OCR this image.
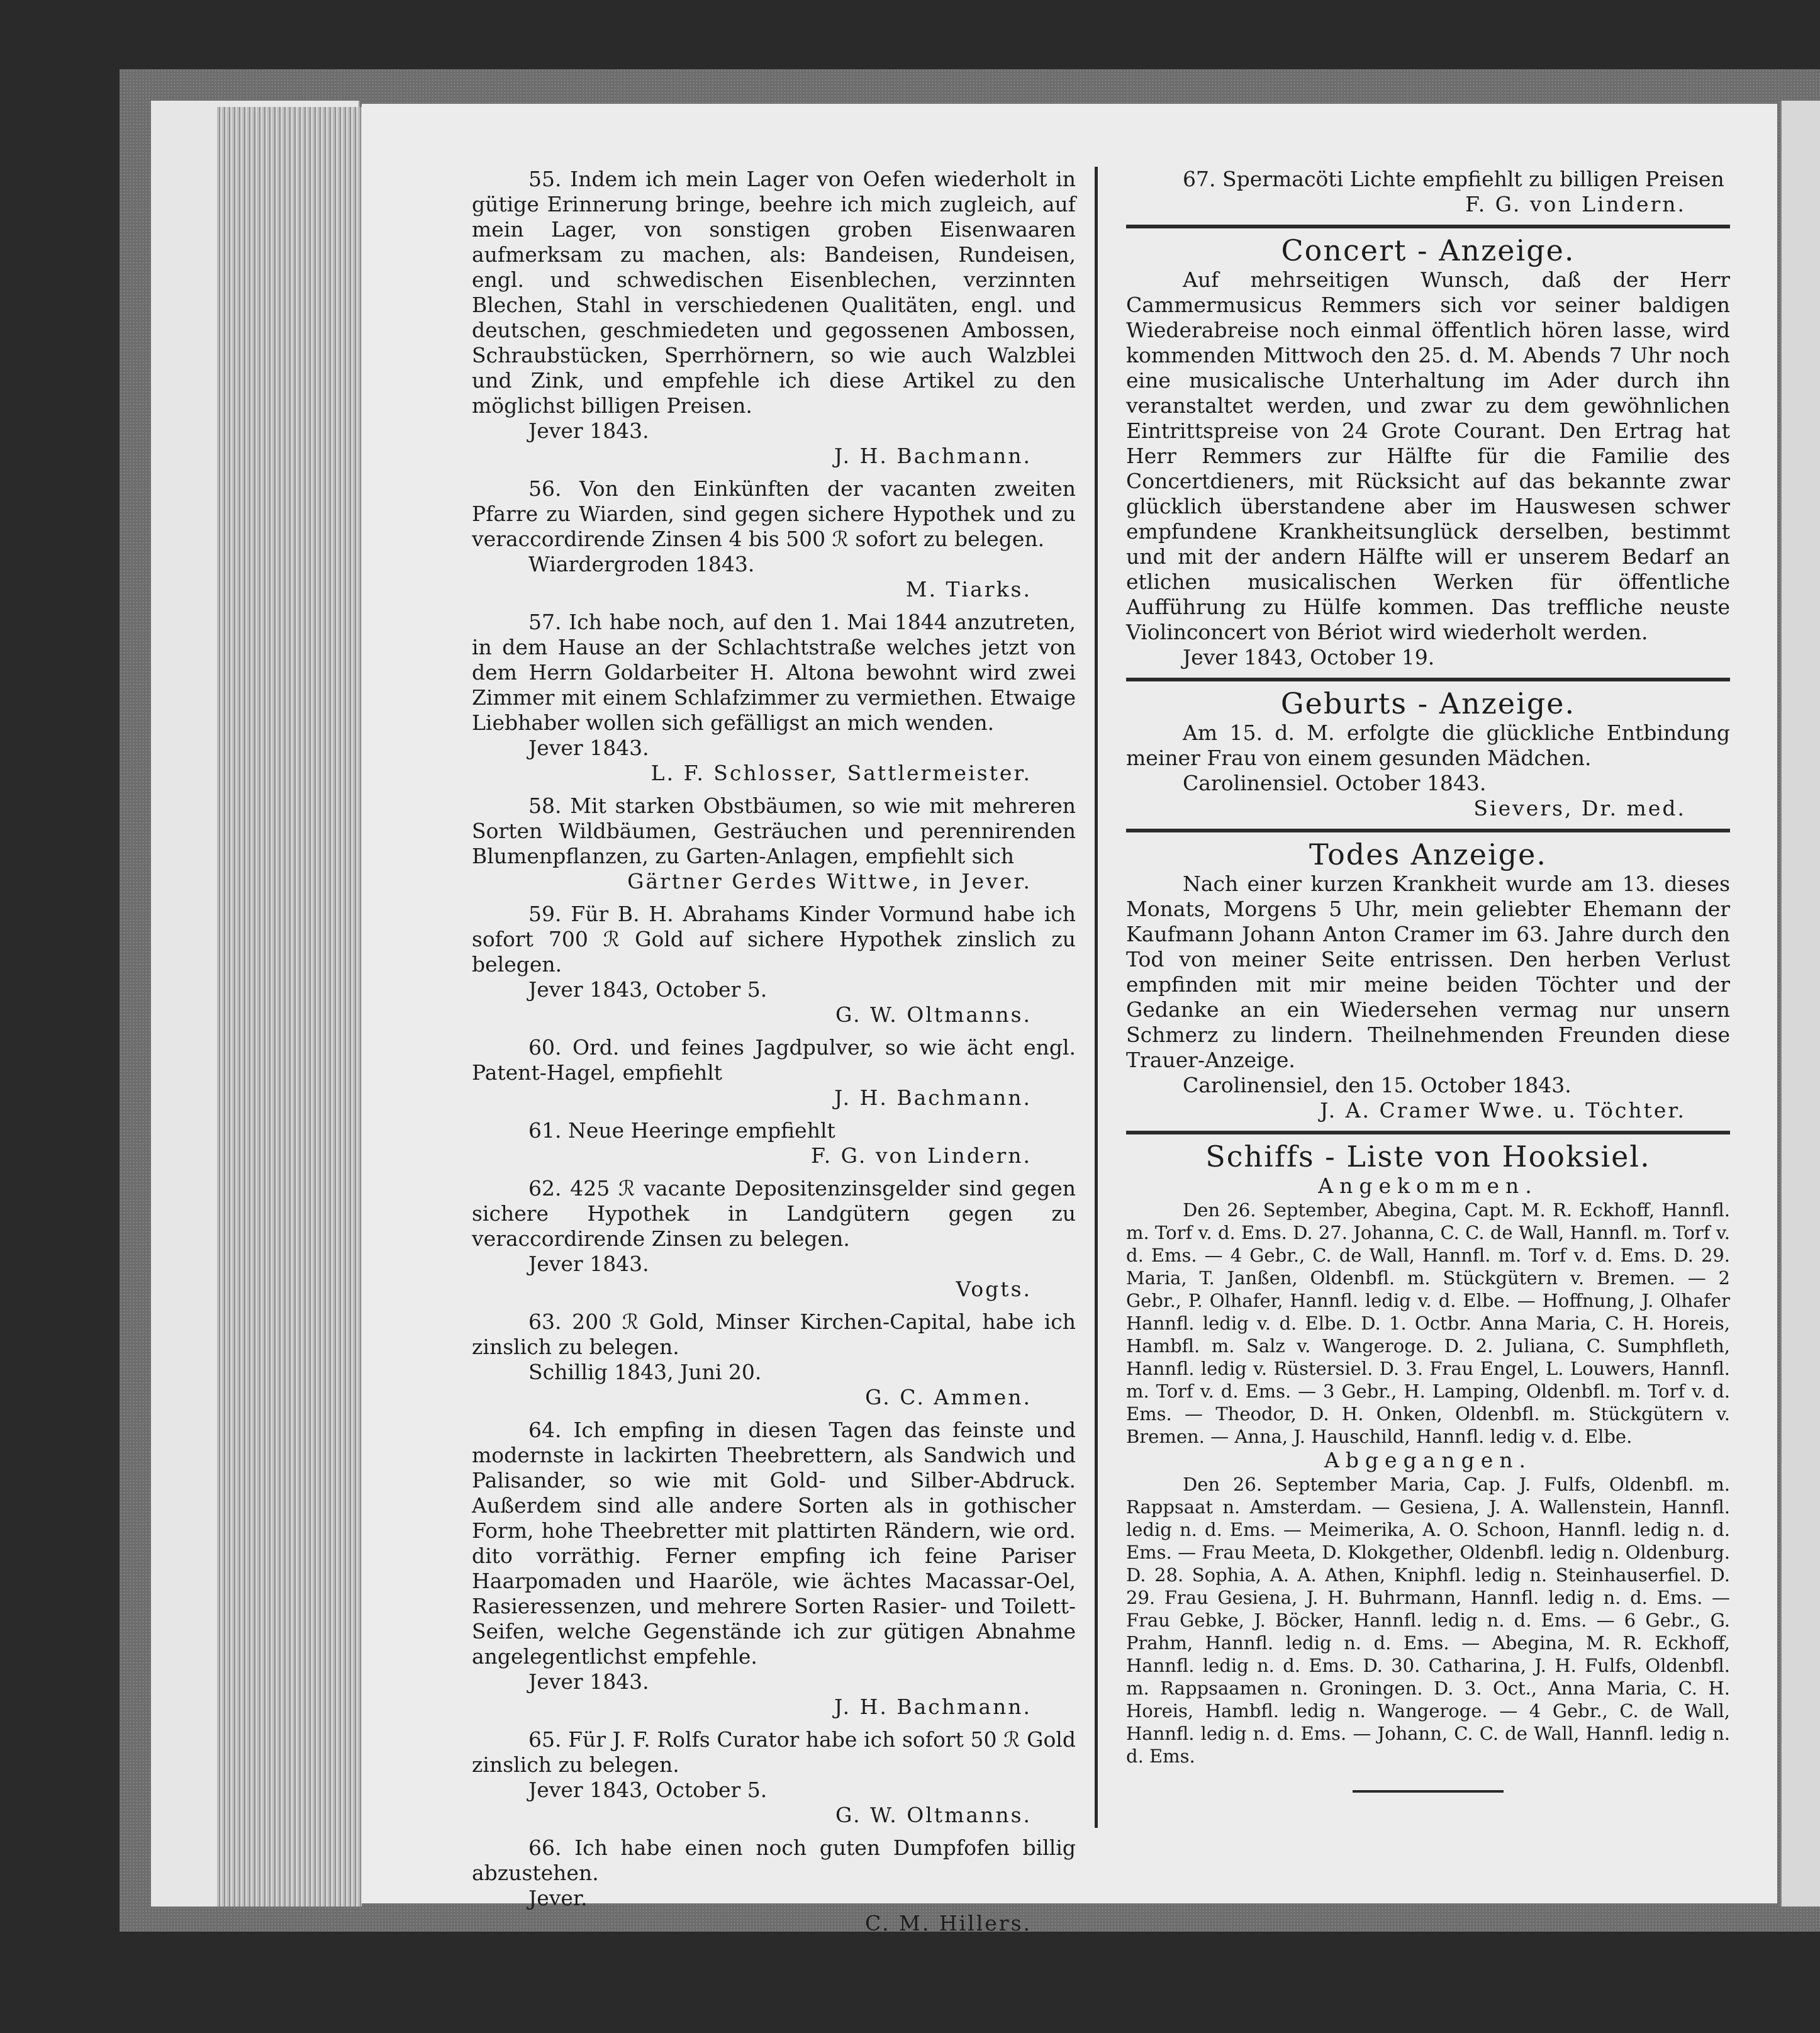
55. Indem ich mein Lager von Oefen wiederholt in gütige Erinnerung bringe, beehre ich mich zugleich, auf mein Lager, von sonstigen groben Eisenwaaren aufmerksam zu machen, als: Bandeisen, Rundeisen, engl. und schwedischen Eisenblechen, verzinnten Blechen, Stahl in verschiedenen Qualitäten, engl. und deutschen, geschmiedeten und gegossenen Ambossen, Schraubstücken, Sperrhörnern, so wie auch Walzblei und Zink, und empfehle ich diese Artikel zu den möglichst billigen Preisen.

Jever 1843.

J. H. Bachmann.

56. Von den Einkünften der vacanten zweiten Pfarre zu Wiarden, sind gegen sichere Hypothek und zu veraccordirende Zinsen 4 bis 500 ℛ sofort zu belegen.

Wiardergroden 1843.

M. Tiarks.

57. Ich habe noch, auf den 1. Mai 1844 anzutreten, in dem Hause an der Schlachtstraße welches jetzt von dem Herrn Goldarbeiter H. Altona bewohnt wird zwei Zimmer mit einem Schlafzimmer zu vermiethen. Etwaige Liebhaber wollen sich gefälligst an mich wenden.

Jever 1843.

L. F. Schlosser, Sattlermeister.

58. Mit starken Obstbäumen, so wie mit mehreren Sorten Wildbäumen, Gesträuchen und perennirenden Blumenpflanzen, zu Garten-Anlagen, empfiehlt sich

Gärtner Gerdes Wittwe, in Jever.

59. Für B. H. Abrahams Kinder Vormund habe ich sofort 700 ℛ Gold auf sichere Hypothek zinslich zu belegen.

Jever 1843, October 5.

G. W. Oltmanns.

60. Ord. und feines Jagdpulver, so wie ächt engl. Patent-Hagel, empfiehlt

J. H. Bachmann.

61. Neue Heeringe empfiehlt

F. G. von Lindern.

62. 425 ℛ vacante Depositenzinsgelder sind gegen sichere Hypothek in Landgütern gegen zu veraccordirende Zinsen zu belegen.

Jever 1843.

Vogts.

63. 200 ℛ Gold, Minser Kirchen-Capital, habe ich zinslich zu belegen.

Schillig 1843, Juni 20.

G. C. Ammen.

64. Ich empfing in diesen Tagen das feinste und modernste in lackirten Theebrettern, als Sandwich und Palisander, so wie mit Gold- und Silber-Abdruck. Außerdem sind alle andere Sorten als in gothischer Form, hohe Theebretter mit plattirten Rändern, wie ord. dito vorräthig. Ferner empfing ich feine Pariser Haarpomaden und Haaröle, wie ächtes Macassar-Oel, Rasieressenzen, und mehrere Sorten Rasier- und Toilett-Seifen, welche Gegenstände ich zur gütigen Abnahme angelegentlichst empfehle.

Jever 1843.

J. H. Bachmann.

65. Für J. F. Rolfs Curator habe ich sofort 50 ℛ Gold zinslich zu belegen.

Jever 1843, October 5.

G. W. Oltmanns.

66. Ich habe einen noch guten Dumpfofen billig abzustehen.

Jever.

C. M. Hillers.

67. Spermacöti Lichte empfiehlt zu billigen Preisen

F. G. von Lindern.

Concert - Anzeige.

Auf mehrseitigen Wunsch, daß der Herr Cammermusicus Remmers sich vor seiner baldigen Wiederabreise noch einmal öffentlich hören lasse, wird kommenden Mittwoch den 25. d. M. Abends 7 Uhr noch eine musicalische Unterhaltung im Ader durch ihn veranstaltet werden, und zwar zu dem gewöhnlichen Eintrittspreise von 24 Grote Courant. Den Ertrag hat Herr Remmers zur Hälfte für die Familie des Concertdieners, mit Rücksicht auf das bekannte zwar glücklich überstandene aber im Hauswesen schwer empfundene Krankheitsunglück derselben, bestimmt und mit der andern Hälfte will er unserem Bedarf an etlichen musicalischen Werken für öffentliche Aufführung zu Hülfe kommen. Das treffliche neuste Violinconcert von Bériot wird wiederholt werden.

Jever 1843, October 19.

Geburts - Anzeige.

Am 15. d. M. erfolgte die glückliche Entbindung meiner Frau von einem gesunden Mädchen.

Carolinensiel. October 1843.

Sievers, Dr. med.

Todes Anzeige.

Nach einer kurzen Krankheit wurde am 13. dieses Monats, Morgens 5 Uhr, mein geliebter Ehemann der Kaufmann Johann Anton Cramer im 63. Jahre durch den Tod von meiner Seite entrissen. Den herben Verlust empfinden mit mir meine beiden Töchter und der Gedanke an ein Wiedersehen vermag nur unsern Schmerz zu lindern. Theilnehmenden Freunden diese Trauer-Anzeige.

Carolinensiel, den 15. October 1843.

J. A. Cramer Wwe. u. Töchter.

Schiffs - Liste von Hooksiel.

Angekommen.

Den 26. September, Abegina, Capt. M. R. Eckhoff, Hannfl. m. Torf v. d. Ems. D. 27. Johanna, C. C. de Wall, Hannfl. m. Torf v. d. Ems. — 4 Gebr., C. de Wall, Hannfl. m. Torf v. d. Ems. D. 29. Maria, T. Janßen, Oldenbfl. m. Stückgütern v. Bremen. — 2 Gebr., P. Olhafer, Hannfl. ledig v. d. Elbe. — Hoffnung, J. Olhafer Hannfl. ledig v. d. Elbe. D. 1. Octbr. Anna Maria, C. H. Horeis, Hambfl. m. Salz v. Wangeroge. D. 2. Juliana, C. Sumphfleth, Hannfl. ledig v. Rüstersiel. D. 3. Frau Engel, L. Louwers, Hannfl. m. Torf v. d. Ems. — 3 Gebr., H. Lamping, Oldenbfl. m. Torf v. d. Ems. — Theodor, D. H. Onken, Oldenbfl. m. Stückgütern v. Bremen. — Anna, J. Hauschild, Hannfl. ledig v. d. Elbe.

Abgegangen.

Den 26. September Maria, Cap. J. Fulfs, Oldenbfl. m. Rappsaat n. Amsterdam. — Gesiena, J. A. Wallenstein, Hannfl. ledig n. d. Ems. — Meimerika, A. O. Schoon, Hannfl. ledig n. d. Ems. — Frau Meeta, D. Klokgether, Oldenbfl. ledig n. Oldenburg. D. 28. Sophia, A. A. Athen, Kniphfl. ledig n. Steinhauserfiel. D. 29. Frau Gesiena, J. H. Buhrmann, Hannfl. ledig n. d. Ems. — Frau Gebke, J. Böcker, Hannfl. ledig n. d. Ems. — 6 Gebr., G. Prahm, Hannfl. ledig n. d. Ems. — Abegina, M. R. Eckhoff, Hannfl. ledig n. d. Ems. D. 30. Catharina, J. H. Fulfs, Oldenbfl. m. Rappsaamen n. Groningen. D. 3. Oct., Anna Maria, C. H. Horeis, Hambfl. ledig n. Wangeroge. — 4 Gebr., C. de Wall, Hannfl. ledig n. d. Ems. — Johann, C. C. de Wall, Hannfl. ledig n. d. Ems.
